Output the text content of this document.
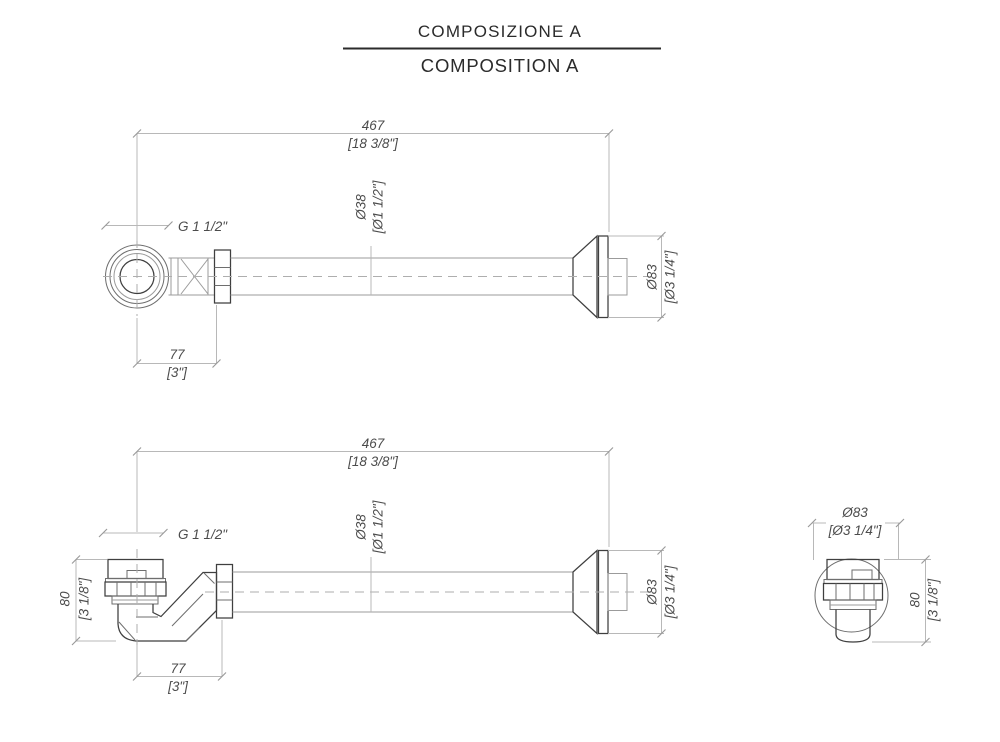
COMPOSIZIONE A
COMPOSITION A
467
[18 3/8"]
G 1 1/2"
Ø38 [Ø1 1/2"]
Ø83 [Ø3 1/4"]
77
[3"]
467
[18 3/8"]
G 1 1/2"	Ø38 [Ø1 1/2"]
Ø83 [Ø3 1/4"]
80 [3 1/8"]
77
[3"]
Ø83
[Ø3 1/4"]
80 [3 1/8"]
